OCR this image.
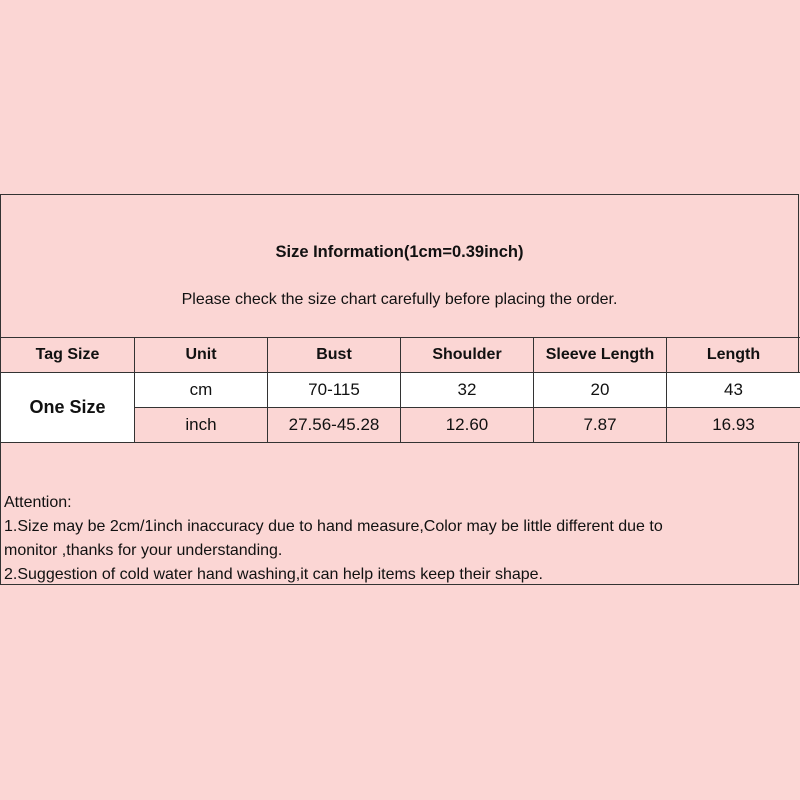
Size Information(1cm=0.39inch)
Please check the size chart carefully before placing the order.
Tag Size	Unit	Bust	Shoulder	Sleeve Length	Length
One Size	cm	70-115	32	20	43
	inch	27.56-45.28	12.60	7.87	16.93
Attention:
1.Size may be 2cm/1inch inaccuracy due to hand measure,Color may be little different due to
monitor ,thanks for your understanding.
2.Suggestion of cold water hand washing,it can help items keep their shape.
